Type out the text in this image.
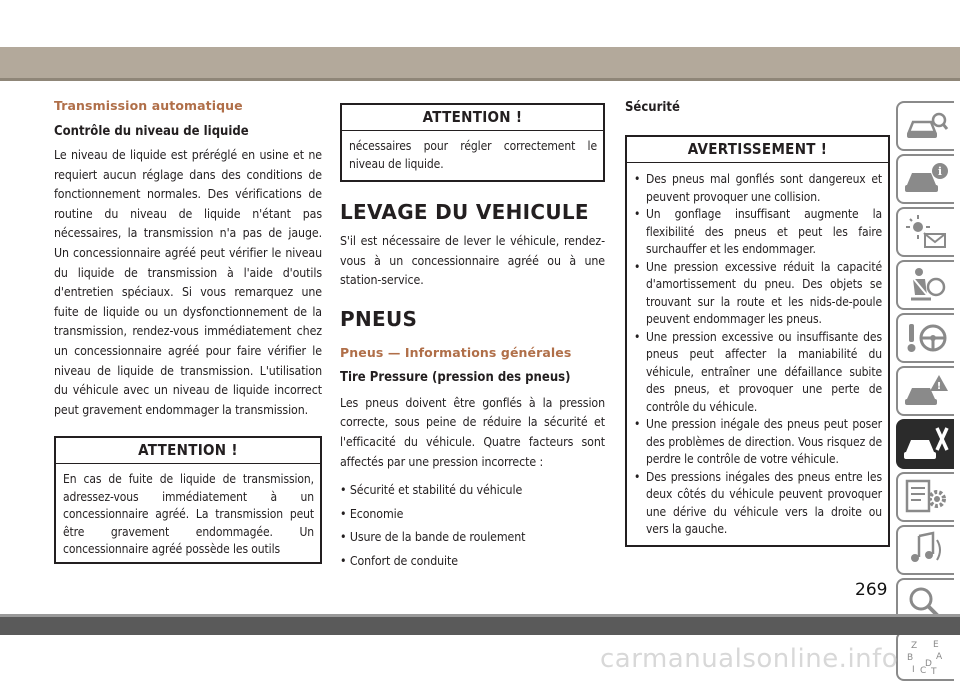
Transmission automatique
Contrôle du niveau de liquide
Le niveau de liquide est préréglé en usine et ne requiert aucun réglage dans des conditions de fonctionnement normales. Des vérifications de routine du niveau de liquide n'étant pas nécessaires, la transmission n'a pas de jauge. Un concessionnaire agréé peut vérifier le niveau du liquide de transmission à l'aide d'outils d'entretien spéciaux. Si vous remarquez une fuite de liquide ou un dysfonctionnement de la transmission, rendez-vous immédiatement chez un concessionnaire agréé pour faire vérifier le niveau de liquide de transmission. L'utilisation du véhicule avec un niveau de liquide incorrect peut gravement endommager la transmission.
ATTENTION !
En cas de fuite de liquide de transmission, adressez-vous immédiatement à un concessionnaire agréé. La transmission peut être gravement endommagée. Un concessionnaire agréé possède les outils
ATTENTION !
nécessaires pour régler correctement le niveau de liquide.
LEVAGE DU VEHICULE
S'il est nécessaire de lever le véhicule, rendez-vous à un concessionnaire agréé ou à une station-service.
PNEUS
Pneus — Informations générales
Tire Pressure (pression des pneus)
Les pneus doivent être gonflés à la pression correcte, sous peine de réduire la sécurité et l'efficacité du véhicule. Quatre facteurs sont affectés par une pression incorrecte :
• Sécurité et stabilité du véhicule
• Economie
• Usure de la bande de roulement
• Confort de conduite
Sécurité
AVERTISSEMENT !
• Des pneus mal gonflés sont dangereux et peuvent provoquer une collision.
• Un gonflage insuffisant augmente la flexibilité des pneus et peut les faire surchauffer et les endommager.
• Une pression excessive réduit la capacité d'amortissement du pneu. Des objets se trouvant sur la route et les nids-de-poule peuvent endommager les pneus.
• Une pression excessive ou insuffisante des pneus peut affecter la maniabilité du véhicule, entraîner une défaillance subite des pneus, et provoquer une perte de contrôle du véhicule.
• Une pression inégale des pneus peut poser des problèmes de direction. Vous risquez de perdre le contrôle de votre véhicule.
• Des pressions inégales des pneus entre les deux côtés du véhicule peuvent provoquer une dérive du véhicule vers la droite ou vers la gauche.
i
!
Z E
B	A
D
I C T
269
carmanualsonline.info
